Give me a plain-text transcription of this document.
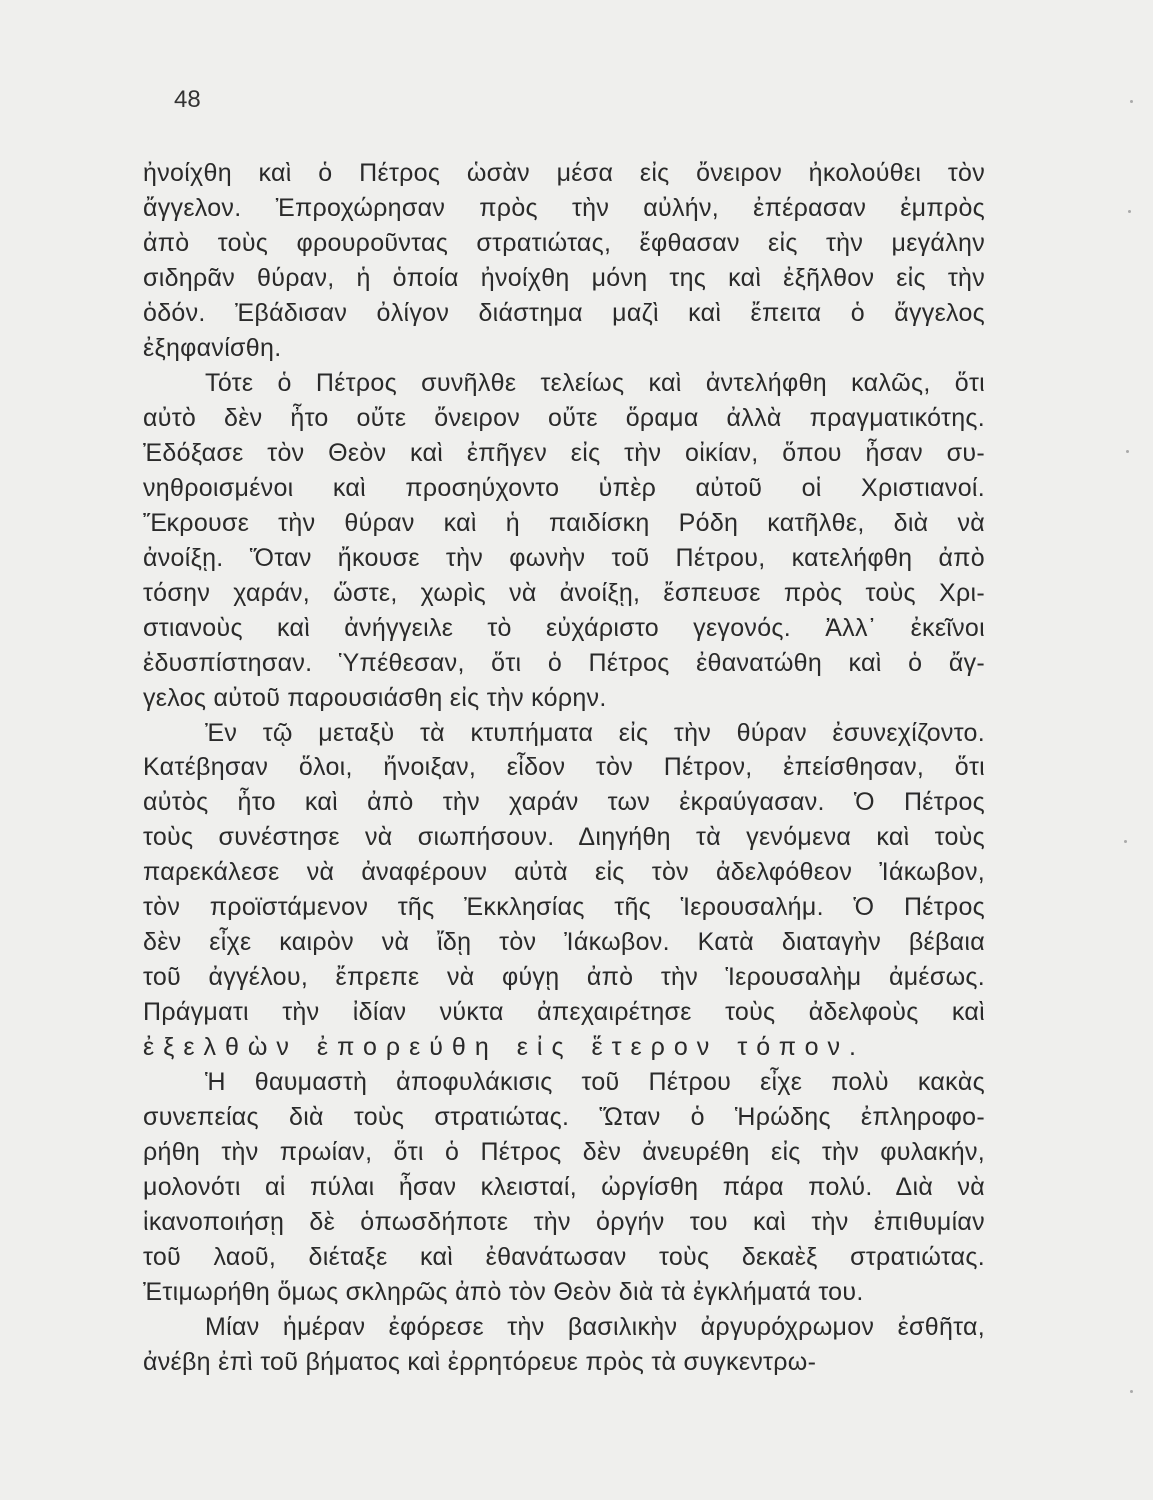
48
ἠνοίχθη καὶ ὁ Πέτρος ὡσὰν μέσα εἰς ὄνειρον ἠκολούθει τὸν
ἄγγελον. Ἐπροχώρησαν πρὸς τὴν αὐλήν, ἐπέρασαν ἐμπρὸς
ἀπὸ τοὺς φρουροῦντας στρατιώτας, ἔφθασαν εἰς τὴν μεγάλην
σιδηρᾶν θύραν, ἡ ὁποία ἠνοίχθη μόνη της καὶ ἐξῆλθον εἰς τὴν
ὁδόν. Ἐβάδισαν ὀλίγον διάστημα μαζὶ καὶ ἔπειτα ὁ ἄγγελος
ἐξηφανίσθη.
Τότε ὁ Πέτρος συνῆλθε τελείως καὶ ἀντελήφθη καλῶς, ὅτι
αὐτὸ δὲν ἦτο οὔτε ὄνειρον οὔτε ὅραμα ἀλλὰ πραγματικότης.
Ἐδόξασε τὸν Θεὸν καὶ ἐπῆγεν εἰς τὴν οἰκίαν, ὅπου ἦσαν συ-
νηθροισμένοι καὶ προσηύχοντο ὑπὲρ αὐτοῦ οἱ Χριστιανοί.
Ἔκρουσε τὴν θύραν καὶ ἡ παιδίσκη Ρόδη κατῆλθε, διὰ νὰ
ἀνοίξῃ. Ὅταν ἤκουσε τὴν φωνὴν τοῦ Πέτρου, κατελήφθη ἀπὸ
τόσην χαράν, ὥστε, χωρὶς νὰ ἀνοίξῃ, ἔσπευσε πρὸς τοὺς Χρι-
στιανοὺς καὶ ἀνήγγειλε τὸ εὐχάριστο γεγονός. Ἀλλ᾽ ἐκεῖνοι
ἐδυσπίστησαν. Ὑπέθεσαν, ὅτι ὁ Πέτρος ἐθανατώθη καὶ ὁ ἄγ-
γελος αὐτοῦ παρουσιάσθη εἰς τὴν κόρην.
Ἐν τῷ μεταξὺ τὰ κτυπήματα εἰς τὴν θύραν ἐσυνεχίζοντο.
Κατέβησαν ὅλοι, ἤνοιξαν, εἶδον τὸν Πέτρον, ἐπείσθησαν, ὅτι
αὐτὸς ἦτο καὶ ἀπὸ τὴν χαράν των ἐκραύγασαν. Ὁ Πέτρος
τοὺς συνέστησε νὰ σιωπήσουν. Διηγήθη τὰ γενόμενα καὶ τοὺς
παρεκάλεσε νὰ ἀναφέρουν αὐτὰ εἰς τὸν ἀδελφόθεον Ἰάκωβον,
τὸν προϊστάμενον τῆς Ἐκκλησίας τῆς Ἱερουσαλήμ. Ὁ Πέτρος
δὲν εἶχε καιρὸν νὰ ἴδῃ τὸν Ἰάκωβον. Κατὰ διαταγὴν βέβαια
τοῦ ἀγγέλου, ἔπρεπε νὰ φύγῃ ἀπὸ τὴν Ἱερουσαλὴμ ἀμέσως.
Πράγματι τὴν ἰδίαν νύκτα ἀπεχαιρέτησε τοὺς ἀδελφοὺς καὶ
ἐξελθὼν ἐπορεύθη εἰς ἕτερον τόπον.
Ἡ θαυμαστὴ ἀποφυλάκισις τοῦ Πέτρου εἶχε πολὺ κακὰς
συνεπείας διὰ τοὺς στρατιώτας. Ὥταν ὁ Ἡρώδης ἐπληροφο-
ρήθη τὴν πρωίαν, ὅτι ὁ Πέτρος δὲν ἀνευρέθη εἰς τὴν φυλακήν,
μολονότι αἱ πύλαι ἦσαν κλεισταί, ὠργίσθη πάρα πολύ. Διὰ νὰ
ἱκανοποιήσῃ δὲ ὁπωσδήποτε τὴν ὀργήν του καὶ τὴν ἐπιθυμίαν
τοῦ λαοῦ, διέταξε καὶ ἐθανάτωσαν τοὺς δεκαὲξ στρατιώτας.
Ἐτιμωρήθη ὅμως σκληρῶς ἀπὸ τὸν Θεὸν διὰ τὰ ἐγκλήματά του.
Μίαν ἡμέραν ἐφόρεσε τὴν βασιλικὴν ἀργυρόχρωμον ἐσθῆτα,
ἀνέβη ἐπὶ τοῦ βήματος καὶ ἐρρητόρευε πρὸς τὰ συγκεντρω-
